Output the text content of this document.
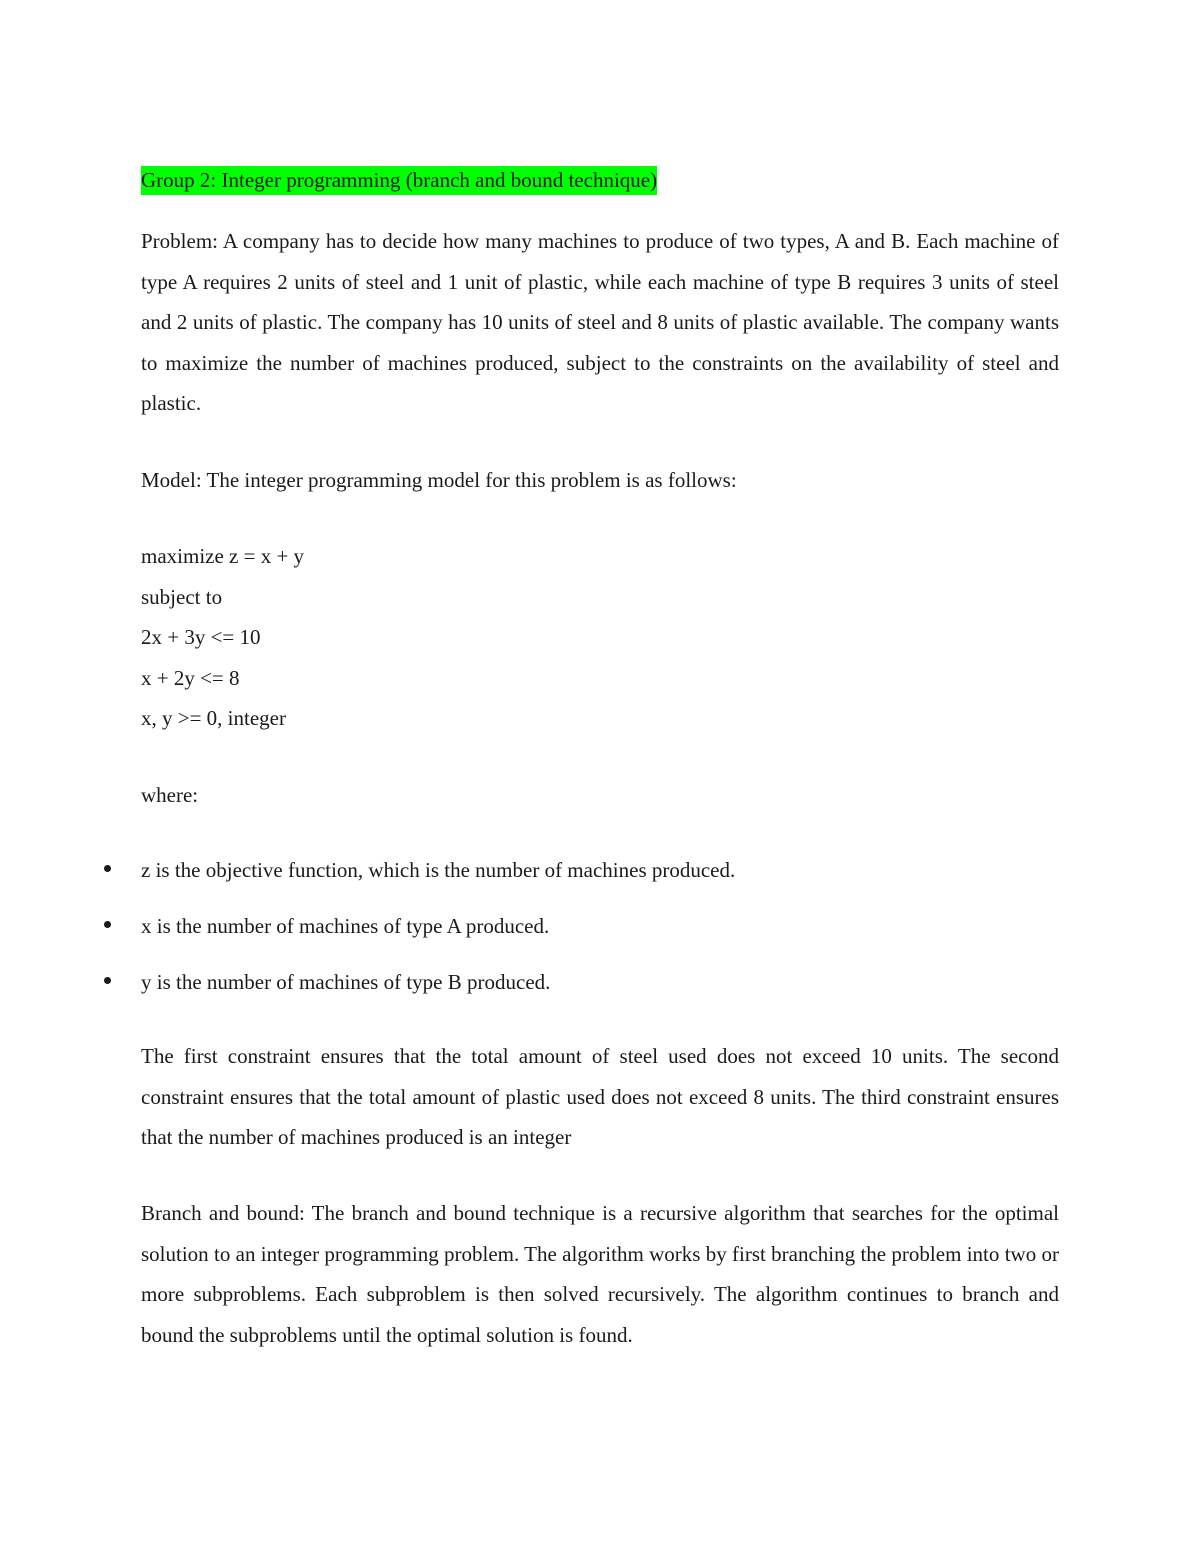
Group 2: Integer programming (branch and bound technique)

Problem: A company has to decide how many machines to produce of two types, A and B. Each machine of type A requires 2 units of steel and 1 unit of plastic, while each machine of type B requires 3 units of steel and 2 units of plastic. The company has 10 units of steel and 8 units of plastic available. The company wants to maximize the number of machines produced, subject to the constraints on the availability of steel and plastic.

Model: The integer programming model for this problem is as follows:

maximize z = x + y

subject to

2x + 3y <= 10

x + 2y <= 8

x, y >= 0, integer

where:

z is the objective function, which is the number of machines produced.
x is the number of machines of type A produced.
y is the number of machines of type B produced.

The first constraint ensures that the total amount of steel used does not exceed 10 units. The second constraint ensures that the total amount of plastic used does not exceed 8 units. The third constraint ensures that the number of machines produced is an integer

Branch and bound: The branch and bound technique is a recursive algorithm that searches for the optimal solution to an integer programming problem. The algorithm works by first branching the problem into two or more subproblems. Each subproblem is then solved recursively. The algorithm continues to branch and bound the subproblems until the optimal solution is found.
